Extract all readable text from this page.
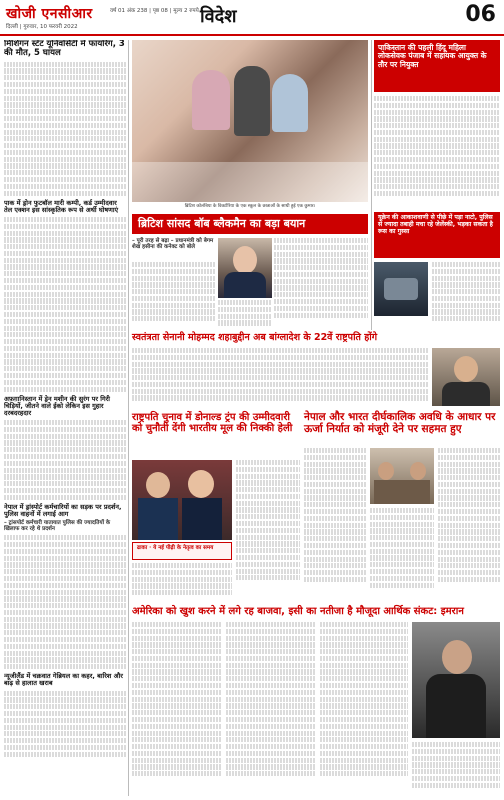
खोजी एनसीआर
दिल्ली | गुरुवार, 10 फरवरी 2022
वर्ष 01 अंक 238 | पृष्ठ 08 | मूल्य 2 रुपये विदेश	06
मिशिगन स्टेट यूनिवर्सिटी में फायरिंग, 3 की मौत, 5 घायल
पाक में ड्रोन फुटबॉल मारी कम्पी, कर्ड उम्मीदवार तेल एक्शन इस सांस्कृतिक रूप से अर्थी घोषणाएं
अफ़ग़ानिस्तान में ड्रेन मशीन की सुरंग पर गिरी चिड़ियों, जीतने वाले ईको लेकिन इस गुहार दरबदरहदार
नेपाल में ड्रांस्पोर्ट कर्मचारियों का सड़क पर प्रदर्शन, पुलिस वाहनों में लगाई आग
– ट्रांसपोर्ट कर्मचारी यातायात पुलिस की ज्यादतियों के खिलाफ कर रहे थे प्रदर्शन
न्यूजीलैंड में चक्रवात गेब्रियल का कहर, बारिश और बाढ़ से हालात खराब
ब्रिटिश कोलंबिया के विक्टोरिया के एक स्कूल के छात्राओं के साथी हुई एक कुमार।
ब्रिटिश सांसद बॉब ब्लैकमैन का बड़ा बयान
– पूरी तरह से बढ़ा – प्रधानमंत्री को बेगम शेख हसीना की कनेक्ट को बोले
स्वतंत्रता सेनानी मोहम्मद शहाबुद्दीन अब बांग्लादेश के 22वें राष्ट्रपति होंगे
राष्ट्रपति चुनाव में डोनाल्ड ट्रंप की उम्मीदवारी को चुनौती देंगी भारतीय मूल की निक्की हेली
ढाका · ये नई पीढ़ी के नेतृत्व का समय
नेपाल और भारत दीर्घकालिक अवधि के आधार पर ऊर्जा निर्यात को मंजूरी देने पर सहमत हुए
अमेरिका को खुश करने में लगे रह बाजवा, इसी का नतीजा है मौजूदा आर्थिक संकट: इमरान
पाकिस्तान की पहली हिंदू महिला लोकसेवक पंजाब में सहायक आयुक्त के तौर पर नियुक्त
यूक्रेन की आकाशवाणी से पीछे में पड़ा नाटो, पुलिस से ज्यादा तबाही मचा रहे जेलेंस्की, भड़का सकता है रूस का गुस्सा
